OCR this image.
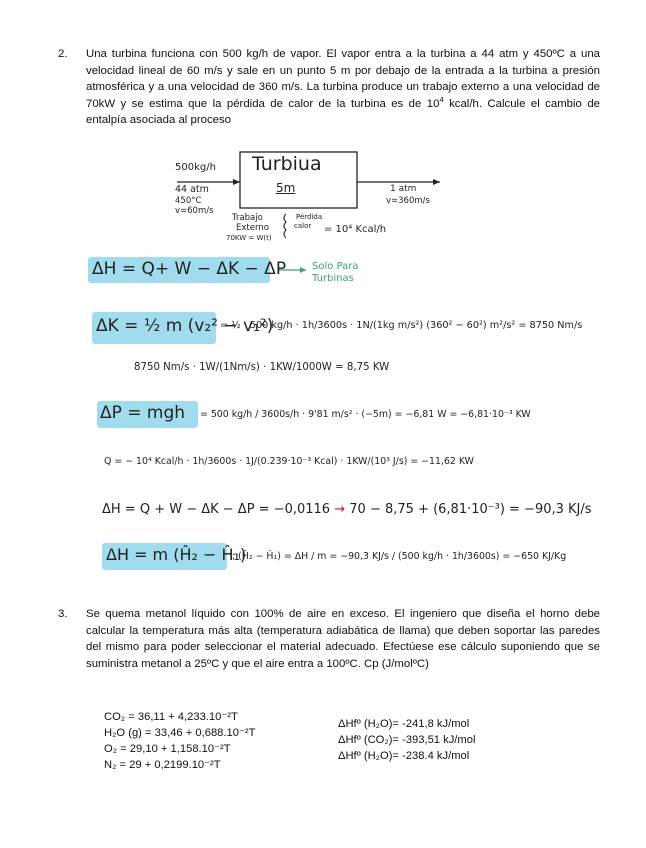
2. Una turbina funciona con 500 kg/h de vapor. El vapor entra a la turbina a 44 atm y 450ºC a una velocidad lineal de 60 m/s y sale en un punto 5 m por debajo de la entrada a la turbina a presión atmosférica y a una velocidad de 360 m/s. La turbina produce un trabajo externo a una velocidad de 70kW y se estima que la pérdida de calor de la turbina es de $10^4$ kcal/h. Calcule el cambio de entalpía asociada al proceso
Turbiua
5m
500kg/h
44 atm
450°C
v=60m/s
1 atm
v=360m/s
Trabajo
Externo
70KW = W(t)
Pérdida
calor = 10⁴ Kcal/h
ΔH = Q+ W − ΔK − ΔP	Solo Para
Turbinas
ΔK = ½ m (v₂² − v₁²)
= ½ · 500 kg/h · 1h/3600s · 1N/(1kg m/s²) (360² − 60²) m²/s² = 8750 Nm/s
8750 Nm/s · 1W/(1Nm/s) · 1KW/1000W = 8,75 KW
ΔP = mgh = 500 kg/h / 3600s/h · 9'81 m/s² · (−5m) = −6,81 W = −6,81·10⁻³ KW
Q = − 10⁴ Kcal/h · 1h/3600s · 1J/(0.239·10⁻³ Kcal) · 1KW/(10³ J/s) = −11,62 KW
ΔH = Q + W − ΔK − ΔP = −0,0116 → 70 − 8,75 + (6,81·10⁻³) = −90,3 KJ/s
ΔH = m (Ĥ₂ − Ĥ₁)
; (Ĥ₂ − Ĥ₁) = ΔH / m = −90,3 KJ/s / (500 kg/h · 1h/3600s) = −650 KJ/Kg
3. Se quema metanol líquido con 100% de aire en exceso. El ingeniero que diseña el horno debe calcular la temperatura más alta (temperatura adiabática de llama) que deben soportar las paredes del mismo para poder seleccionar el material adecuado. Efectúese ese cálculo suponiendo que se suministra metanol a 25ºC y que el aire entra a 100ºC. Cp (J/molºC)
CO₂ = 36,11 + 4,233.10⁻²T
H₂O (g) = 33,46 + 0,688.10⁻²T
O₂ = 29,10 + 1,158.10⁻²T
N₂ = 29 + 0,2199.10⁻²T
ΔHfº (H₂O)= -241,8 kJ/mol
ΔHfº (CO₂)= -393,51 kJ/mol
ΔHfº (H₂O)= -238.4 kJ/mol
